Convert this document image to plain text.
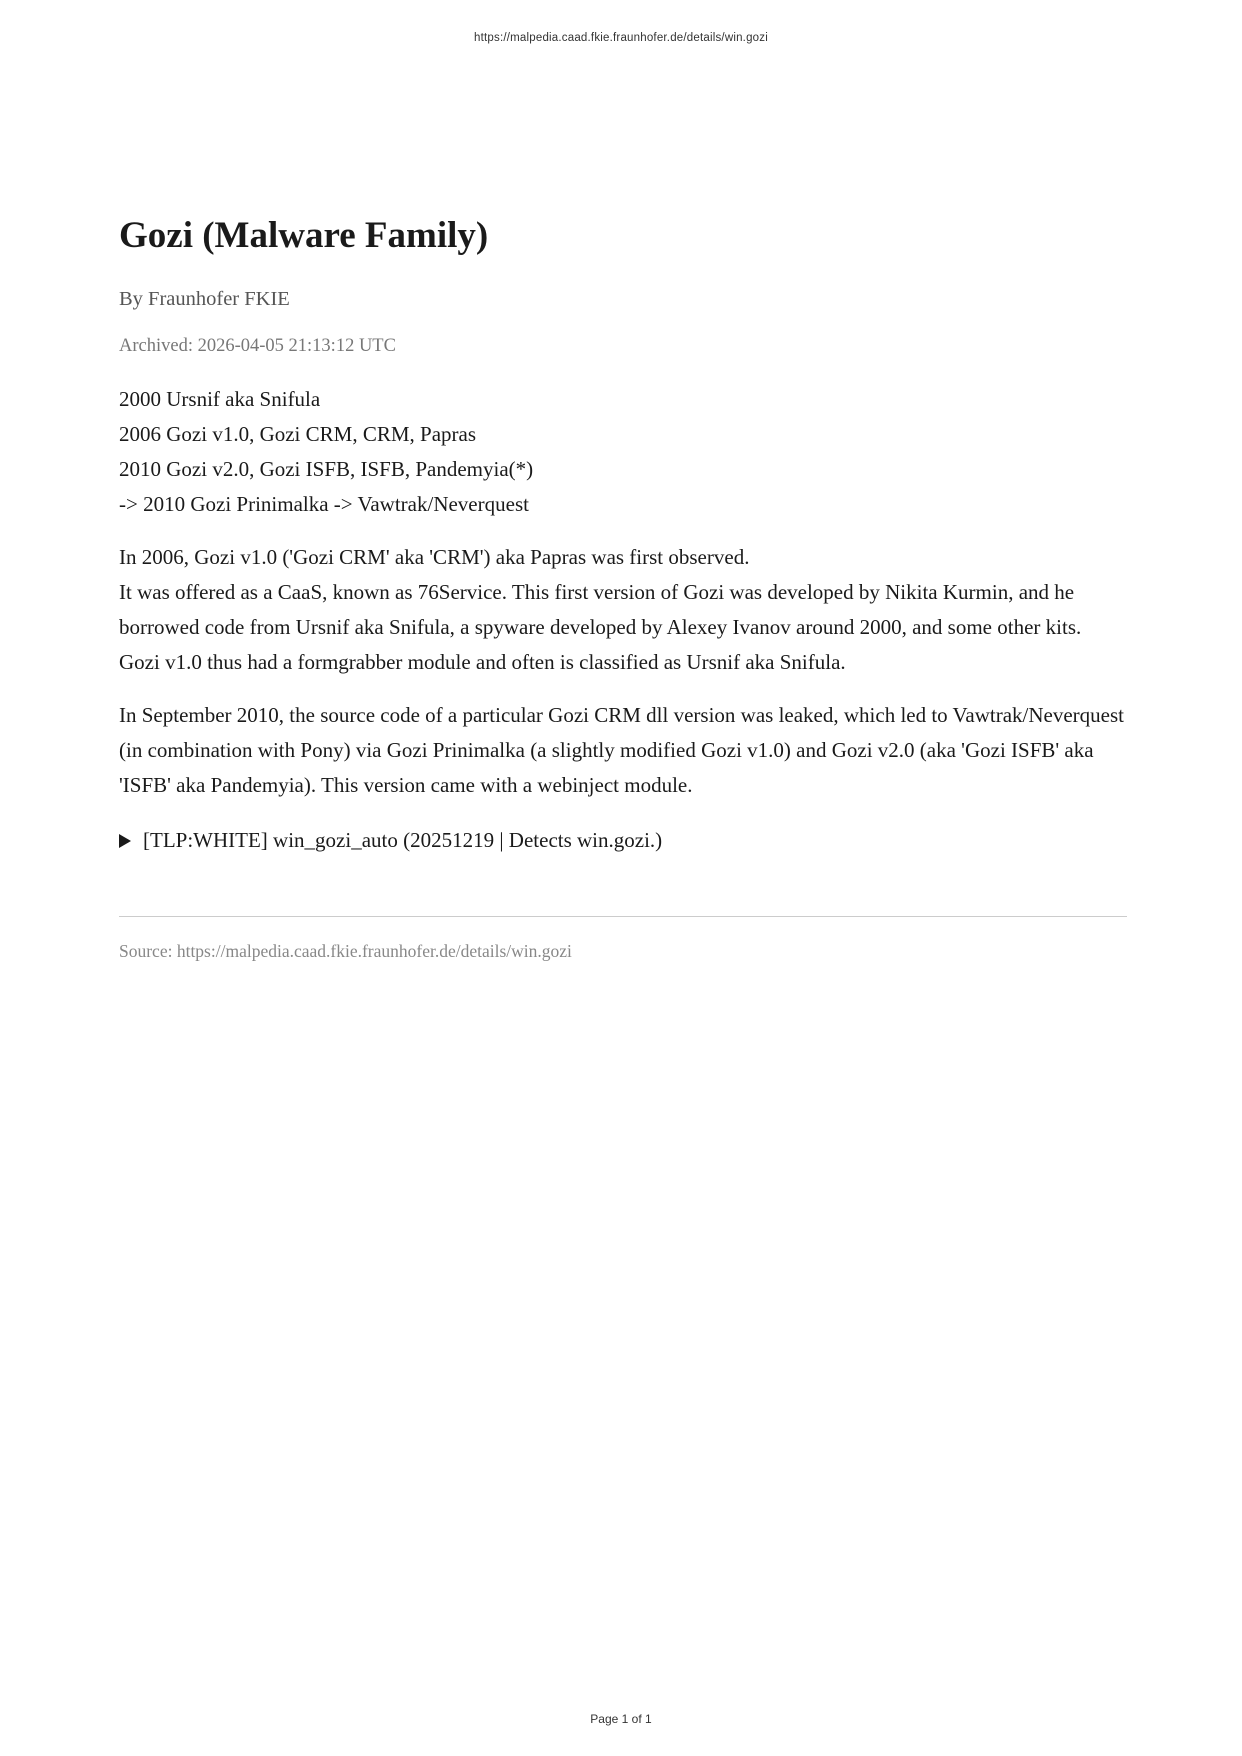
https://malpedia.caad.fkie.fraunhofer.de/details/win.gozi
Gozi (Malware Family)
By Fraunhofer FKIE
Archived: 2026-04-05 21:13:12 UTC
2000 Ursnif aka Snifula
2006 Gozi v1.0, Gozi CRM, CRM, Papras
2010 Gozi v2.0, Gozi ISFB, ISFB, Pandemyia(*)
-> 2010 Gozi Prinimalka -> Vawtrak/Neverquest

In 2006, Gozi v1.0 ('Gozi CRM' aka 'CRM') aka Papras was first observed.
It was offered as a CaaS, known as 76Service. This first version of Gozi was developed by Nikita Kurmin, and he borrowed code from Ursnif aka Snifula, a spyware developed by Alexey Ivanov around 2000, and some other kits. Gozi v1.0 thus had a formgrabber module and often is classified as Ursnif aka Snifula.

In September 2010, the source code of a particular Gozi CRM dll version was leaked, which led to Vawtrak/Neverquest (in combination with Pony) via Gozi Prinimalka (a slightly modified Gozi v1.0) and Gozi v2.0 (aka 'Gozi ISFB' aka 'ISFB' aka Pandemyia). This version came with a webinject module.

[TLP:WHITE] win_gozi_auto (20251219 | Detects win.gozi.)
Source: https://malpedia.caad.fkie.fraunhofer.de/details/win.gozi
Page 1 of 1
